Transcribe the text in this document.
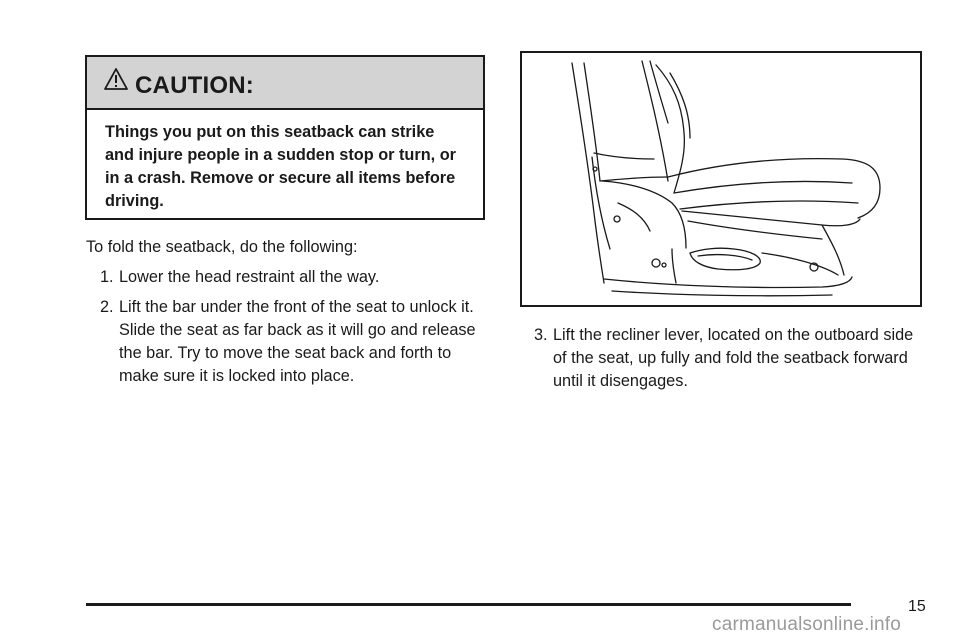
CAUTION:
Things you put on this seatback can strike and injure people in a sudden stop or turn, or in a crash. Remove or secure all items before driving.
To fold the seatback, do the following:
1. Lower the head restraint all the way.
2. Lift the bar under the front of the seat to unlock it. Slide the seat as far back as it will go and release the bar. Try to move the seat back and forth to make sure it is locked into place.
3. Lift the recliner lever, located on the outboard side of the seat, up fully and fold the seatback forward until it disengages.
15
carmanualsonline.info
